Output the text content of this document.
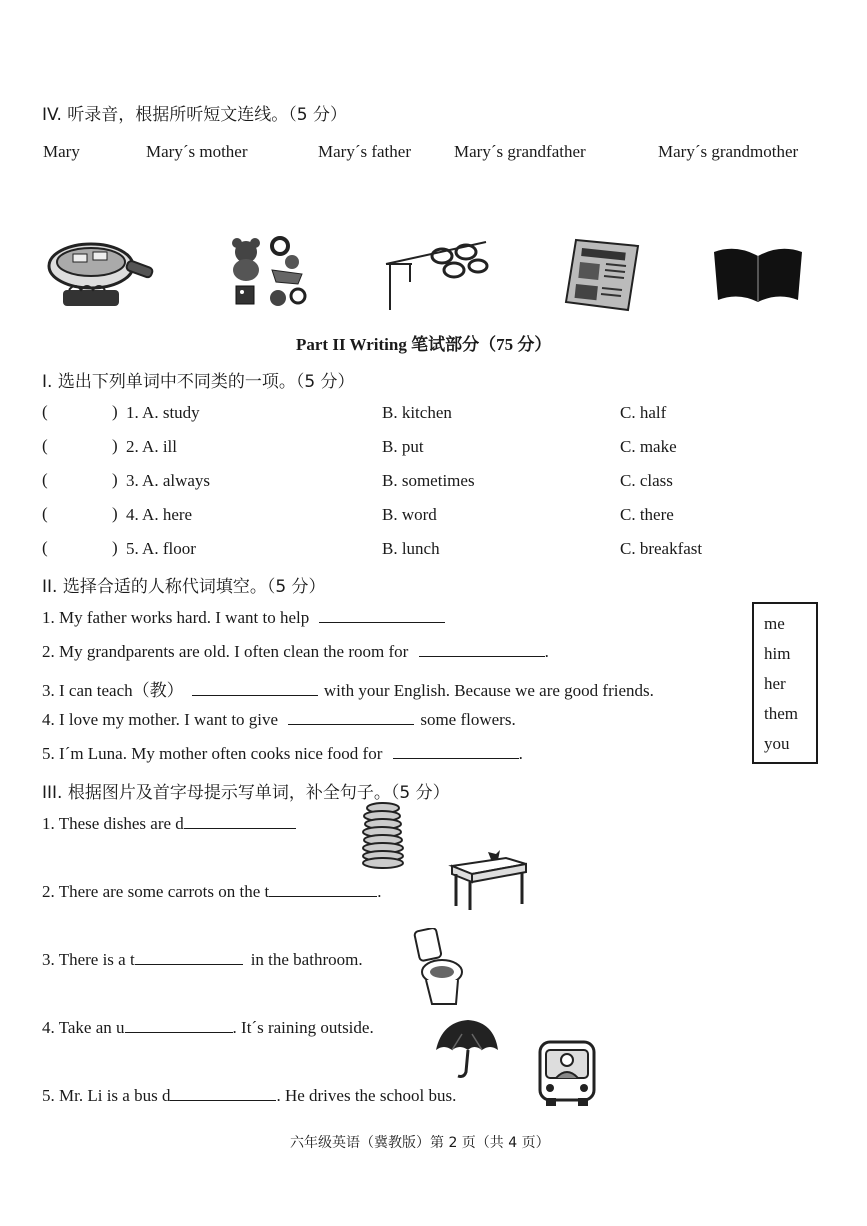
IV. 听录音，根据所听短文连线。（5 分）
Mary	Mary´s mother	Mary´s father	Mary´s grandfather	Mary´s grandmother
Part II Writing 笔试部分（75 分）
I. 选出下列单词中不同类的一项。（5 分）
(	) 1. A. study	B. kitchen	C. half
(	) 2. A. ill	B. put	C. make
(	) 3. A. always	B. sometimes	C. class
(	) 4. A. here	B. word	C. there
(	) 5. A. floor	B. lunch	C. breakfast
II. 选择合适的人称代词填空。（5 分）
1. My father works hard. I want to help
2. My grandparents are old. I often clean the room for	.
3. I can teach（教）	with your English. Because we are good friends.
4. I love my mother. I want to give	some flowers.
5. I´m Luna. My mother often cooks nice food for	.
me
him
her
them
you
III. 根据图片及首字母提示写单词，补全句子。（5 分）
1. These dishes are d
2. There are some carrots on the t	.
3. There is a t	in the bathroom.
4. Take an u	. It´s raining outside.
5. Mr. Li is a bus d	. He drives the school bus.
六年级英语（冀教版）第 2 页（共 4 页）
